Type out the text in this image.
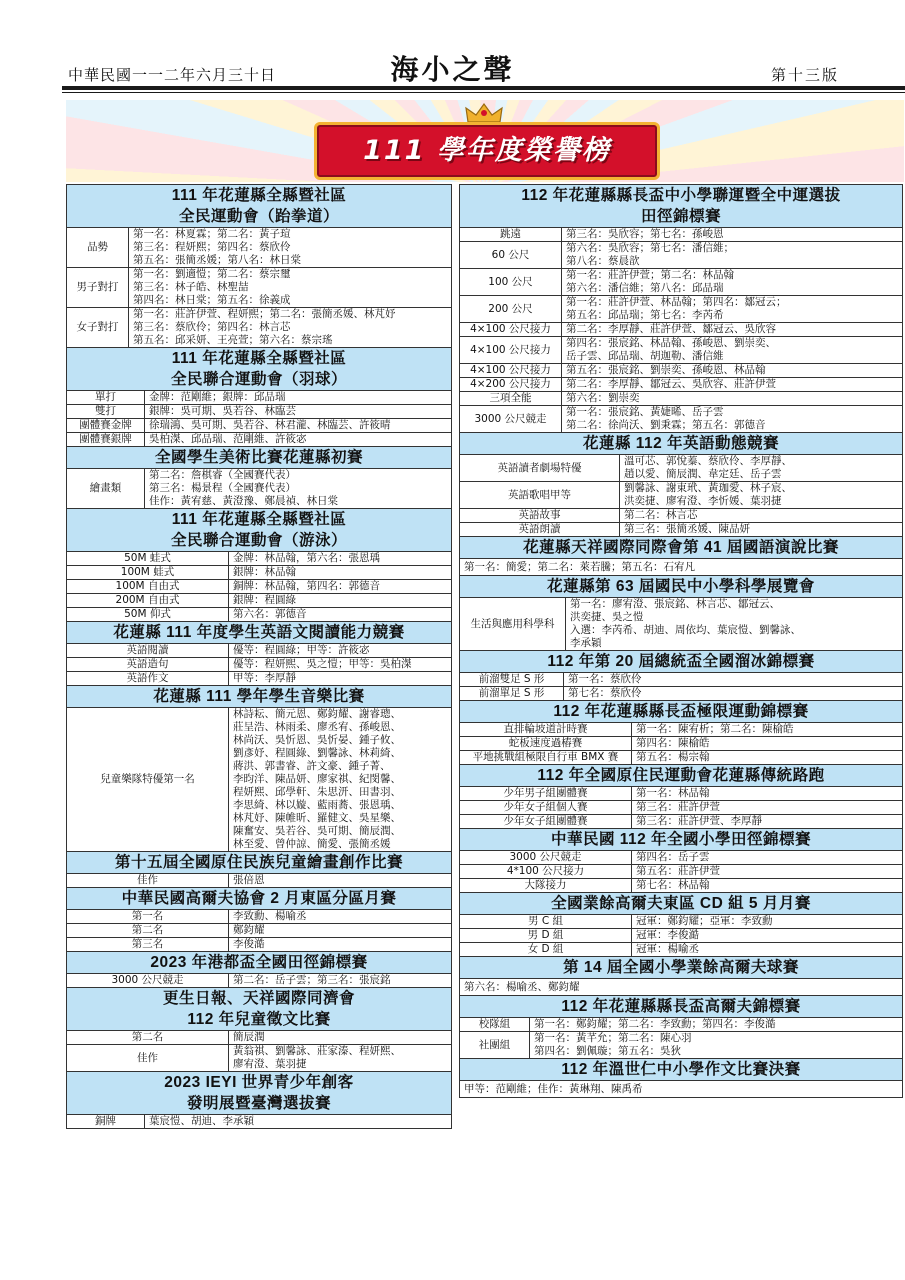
中華民國一一二年六月三十日	海小之聲	第十三版
111 學年度榮譽榜
111 年花蓮縣全縣暨社區
全民運動會（跆拳道）
品勢	第一名：林夏霖；第二名：黃子瑄
第三名：程妍熙；第四名：蔡欣伶
第五名：張簡丞媛；第八名：林日棠

男子對打	第一名：劉適愷；第二名：蔡宗璽
第三名：林子皓、林聖喆
第四名：林日棠；第五名：徐義成

女子對打	第一名：莊許伊萱、程妍熙；第二名：張簡丞媛、林芃妤
第三名：蔡欣伶；第四名：林言芯
第五名：邱采妍、王亮萱；第六名：蔡宗瑤
111 年花蓮縣全縣暨社區
全民聯合運動會（羽球）
單打	金牌：范剛維；銀牌：邱品瑞

雙打	銀牌：吳可期、吳若谷、林臨芸

團體賽金牌	徐瑞鴻、吳可期、吳若谷、林君瀧、林臨芸、許筱晴

團體賽銀牌	吳柏滐、邱品瑞、范剛維、許筱宓
全國學生美術比賽花蓮縣初賽
繪畫類	
第二名：詹棋睿（全國賽代表）
第三名：楊景程（全國賽代表）
佳作：黃宥慈、黃澄豫、鄭晨禎、林日棠
111 年花蓮縣全縣暨社區
全民聯合運動會（游泳）
50M 蛙式	金牌：林品翰，第六名：張恩瑀

100M 蛙式	銀牌：林品翰

100M 自由式	銅牌：林品翰，第四名：郭德音

200M 自由式	銀牌：程圓綠

50M 仰式	第六名：郭德音
花蓮縣 111 年度學生英語文閱讀能力競賽
英語閱讀	優等：程圓綠；甲等：許筱宓

英語造句	優等：程妍熙、吳之愷；甲等：吳柏滐

英語作文	甲等：李厚靜
花蓮縣 111 學年學生音樂比賽
兒童樂隊特優第一名	
林詩耘、簡元恩、鄭鈞耀、謝睿璁、
莊呈浩、林雨柔、廖丞宥、孫峻恩、
林尚沃、吳忻恩、吳忻晏、鍾子攸、
劉彥妤、程圓綠、劉馨詠、林莉綺、
蔣洪、郭書睿、許文豪、鍾子菁、
李昀洋、陳品妍、廖家祺、紀閔馨、
程妍熙、邱學軒、朱思汧、田書羽、
李思綺、林以嫙、藍雨蕎、張恩瑀、
林芃妤、陳帷昕、羅健文、吳星樂、
陳奮安、吳若谷、吳可期、簡辰潤、
林至愛、曾仲諒、簡愛、張簡丞媛
第十五屆全國原住民族兒童繪畫創作比賽
佳作	張倍恩
中華民國高爾夫協會 2 月東區分區月賽
第一名	李致勳、楊喻丞

第二名	鄭鈞耀

第三名	李俊澔
2023 年港都盃全國田徑錦標賽
3000 公尺競走	第二名：岳子雲；第三名：張宸銘
更生日報、天祥國際同濟會
112 年兒童徵文比賽
第二名	簡辰潤

佳作	黃翁祺、劉馨詠、莊家溱、程妍熙、
廖宥澄、葉羽捷
2023 IEYI 世界青少年創客
發明展暨臺灣選拔賽
銅牌	葉宸愷、胡迪、李承穎
112 年花蓮縣縣長盃中小學聯運暨全中運選拔
田徑錦標賽
跳遠	第三名：吳欣容；第七名：孫峻恩

60 公尺	第六名：吳欣容；第七名：潘信維；
第八名：蔡晨歆

100 公尺	第一名：莊許伊萱；第二名：林品翰
第六名：潘信維；第八名：邱品瑞

200 公尺	第一名：莊許伊萱、林品翰；第四名：鄒冠云；
第五名：邱品瑞；第七名：李芮希

4×100 公尺接力	第二名：李厚靜、莊許伊萱、鄒冠云、吳欣容

4×100 公尺接力	第四名：張宸銘、林品翰、孫峻恩、劉崇奕、
岳子雲、邱品瑞、胡迦勒、潘信維

4×100 公尺接力	第五名：張宸銘、劉崇奕、孫峻恩、林品翰

4×200 公尺接力	第二名：李厚靜、鄒冠云、吳欣容、莊許伊萱

三項全能	第六名：劉崇奕

3000 公尺競走	第一名：張宸銘、黃婕晞、岳子雲
第二名：徐尚沃、劉秉霖；第五名：郭德音
花蓮縣 112 年英語動態競賽
英語讀者劇場特優	溫可芯、郭悅蓁、蔡欣伶、李厚靜、
趙以愛、簡辰潤、韋定廷、岳子雲

英語歌唱甲等	劉馨詠、謝東玳、黃珈愛、林子宸、
洪奕捷、廖宥澄、李忻媛、葉羽捷

英語故事	第二名：林言芯

英語朗讀	第三名：張簡丞媛、陳品妍
花蓮縣天祥國際同際會第 41 屆國語演說比賽
第一名：簡愛；第二名：萊若騰；第五名：石宥凡
花蓮縣第 63 屆國民中小學科學展覽會
生活與應用科學科	
第一名：廖宥澄、張宸銘、林言芯、鄒冠云、
洪奕捷、吳之愷
入選：李芮希、胡迪、周依均、葉宸愷、劉馨詠、
李承穎
112 年第 20 屆總統盃全國溜冰錦標賽
前溜雙足 S 形	第一名：蔡欣伶

前溜單足 S 形	第七名：蔡欣伶
112 年花蓮縣縣長盃極限運動錦標賽
直排輪坡道計時賽	第一名：陳宥析；第二名：陳榆皓

蛇板速度過樁賽	第四名：陳榆皓

平地挑戰組極限自行車 BMX 賽	第五名：楊宗翰
112 年全國原住民運動會花蓮縣傳統路跑
少年男子組團體賽	第一名：林品翰

少年女子組個人賽	第三名：莊許伊萱

少年女子組團體賽	第三名：莊許伊萱、李厚靜
中華民國 112 年全國小學田徑錦標賽
3000 公尺競走	第四名：岳子雲

4*100 公尺接力	第五名：莊許伊萱

大隊接力	第七名：林品翰
全國業餘高爾夫東區 CD 組 5 月月賽
男 C 組	冠軍：鄭鈞耀；亞軍：李致勳

男 D 組	冠軍：李俊澔

女 D 組	冠軍：楊喻丞
第 14 屆全國小學業餘高爾夫球賽
第六名：楊喻丞、鄭鈞耀
112 年花蓮縣縣長盃高爾夫錦標賽
校隊組	第一名：鄭鈞耀；第二名：李致勳；第四名：李俊澔

社團組	第一名：黃芊允；第二名：陳心羽
第四名：劉佩璇；第五名：吳狄
112 年溫世仁中小學作文比賽決賽
甲等：范剛維；佳作：黃琳翔、陳禹希
